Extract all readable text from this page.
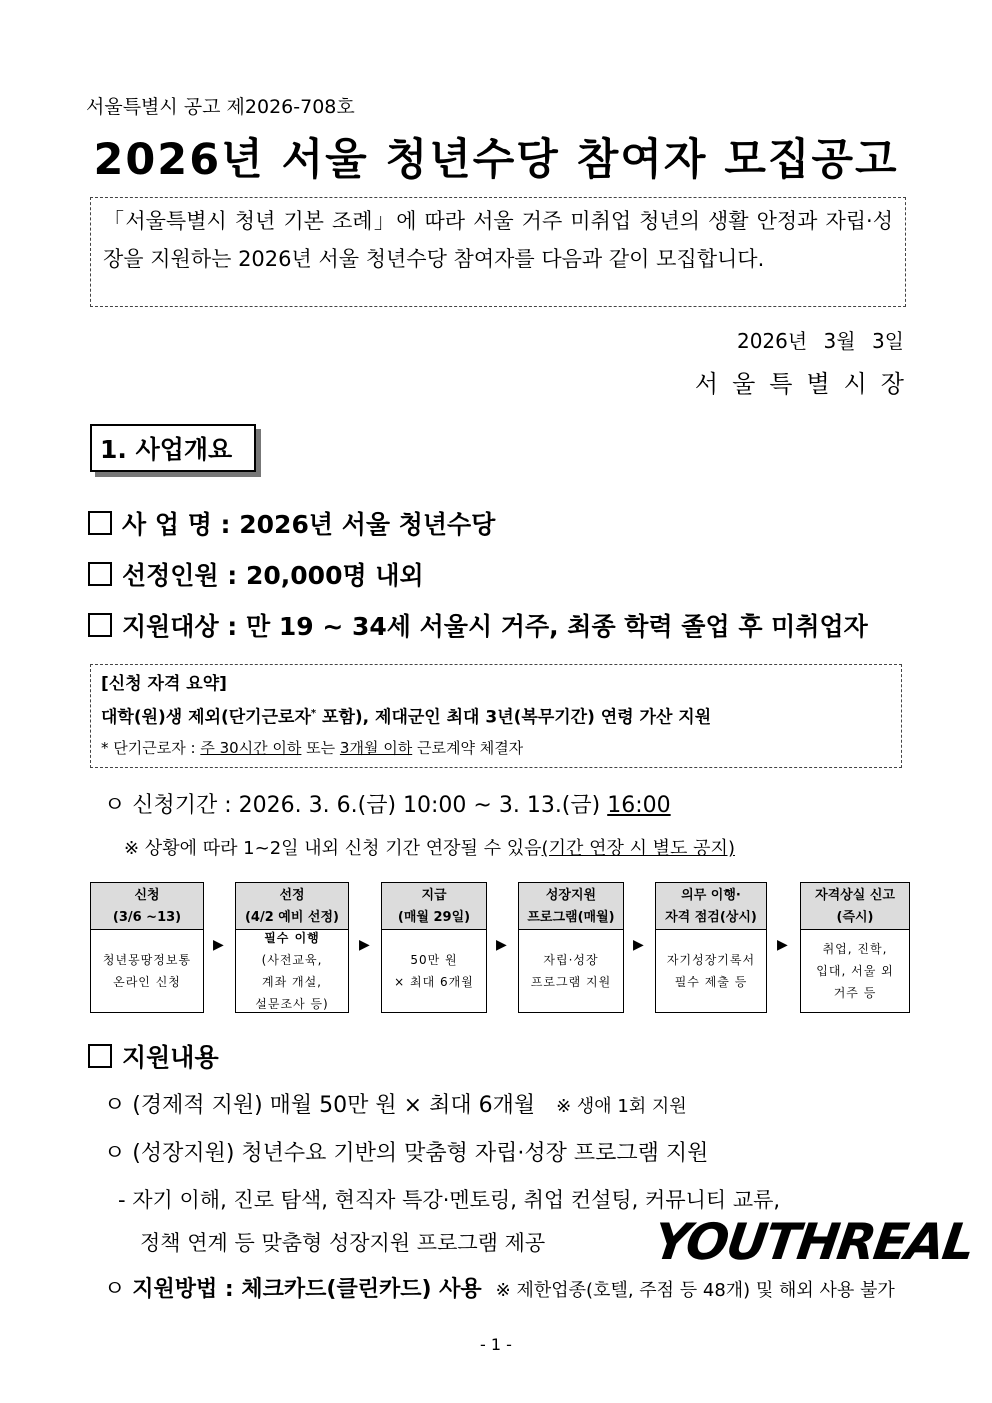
서울특별시 공고 제2026-708호
2026년 서울 청년수당 참여자 모집공고
「서울특별시 청년 기본 조례」에 따라 서울 거주 미취업 청년의 생활 안정과 자립·성장을 지원하는 2026년 서울 청년수당 참여자를 다음과 같이 모집합니다.
2026년 3월 3일
서울특별시장
1. 사업개요
사 업 명 : 2026년 서울 청년수당
선정인원 : 20,000명 내외
지원대상 : 만 19 ~ 34세 서울시 거주, 최종 학력 졸업 후 미취업자
[신청 자격 요약]
대학(원)생 제외(단기근로자* 포함), 제대군인 최대 3년(복무기간) 연령 가산 지원
* 단기근로자 : 주 30시간 이하 또는 3개월 이하 근로계약 체결자
ㅇ 신청기간 : 2026. 3. 6.(금) 10:00 ~ 3. 13.(금) 16:00
※ 상황에 따라 1~2일 내외 신청 기간 연장될 수 있음(기간 연장 시 별도 공지)
신청
(3/6 ~13)
청년몽땅정보통
온라인 신청
▶
선정
(4/2 예비 선정)
필수 이행
(사전교육,
계좌 개설,
설문조사 등)
▶
지급
(매월 29일)
50만 원
× 최대 6개월
▶
성장지원
프로그램(매월)
자립·성장
프로그램 지원
▶
의무 이행·
자격 점검(상시)
자기성장기록서
필수 제출 등
▶
자격상실 신고
(즉시)
취업, 진학,
입대, 서울 외
거주 등
지원내용
ㅇ (경제적 지원) 매월 50만 원 × 최대 6개월 ※ 생애 1회 지원
ㅇ (성장지원) 청년수요 기반의 맞춤형 자립·성장 프로그램 지원
- 자기 이해, 진로 탐색, 현직자 특강·멘토링, 취업 컨설팅, 커뮤니티 교류,
정책 연계 등 맞춤형 성장지원 프로그램 제공 YOUTHREAL
ㅇ 지원방법 : 체크카드(클린카드) 사용 ※ 제한업종(호텔, 주점 등 48개) 및 해외 사용 불가
- 1 -
